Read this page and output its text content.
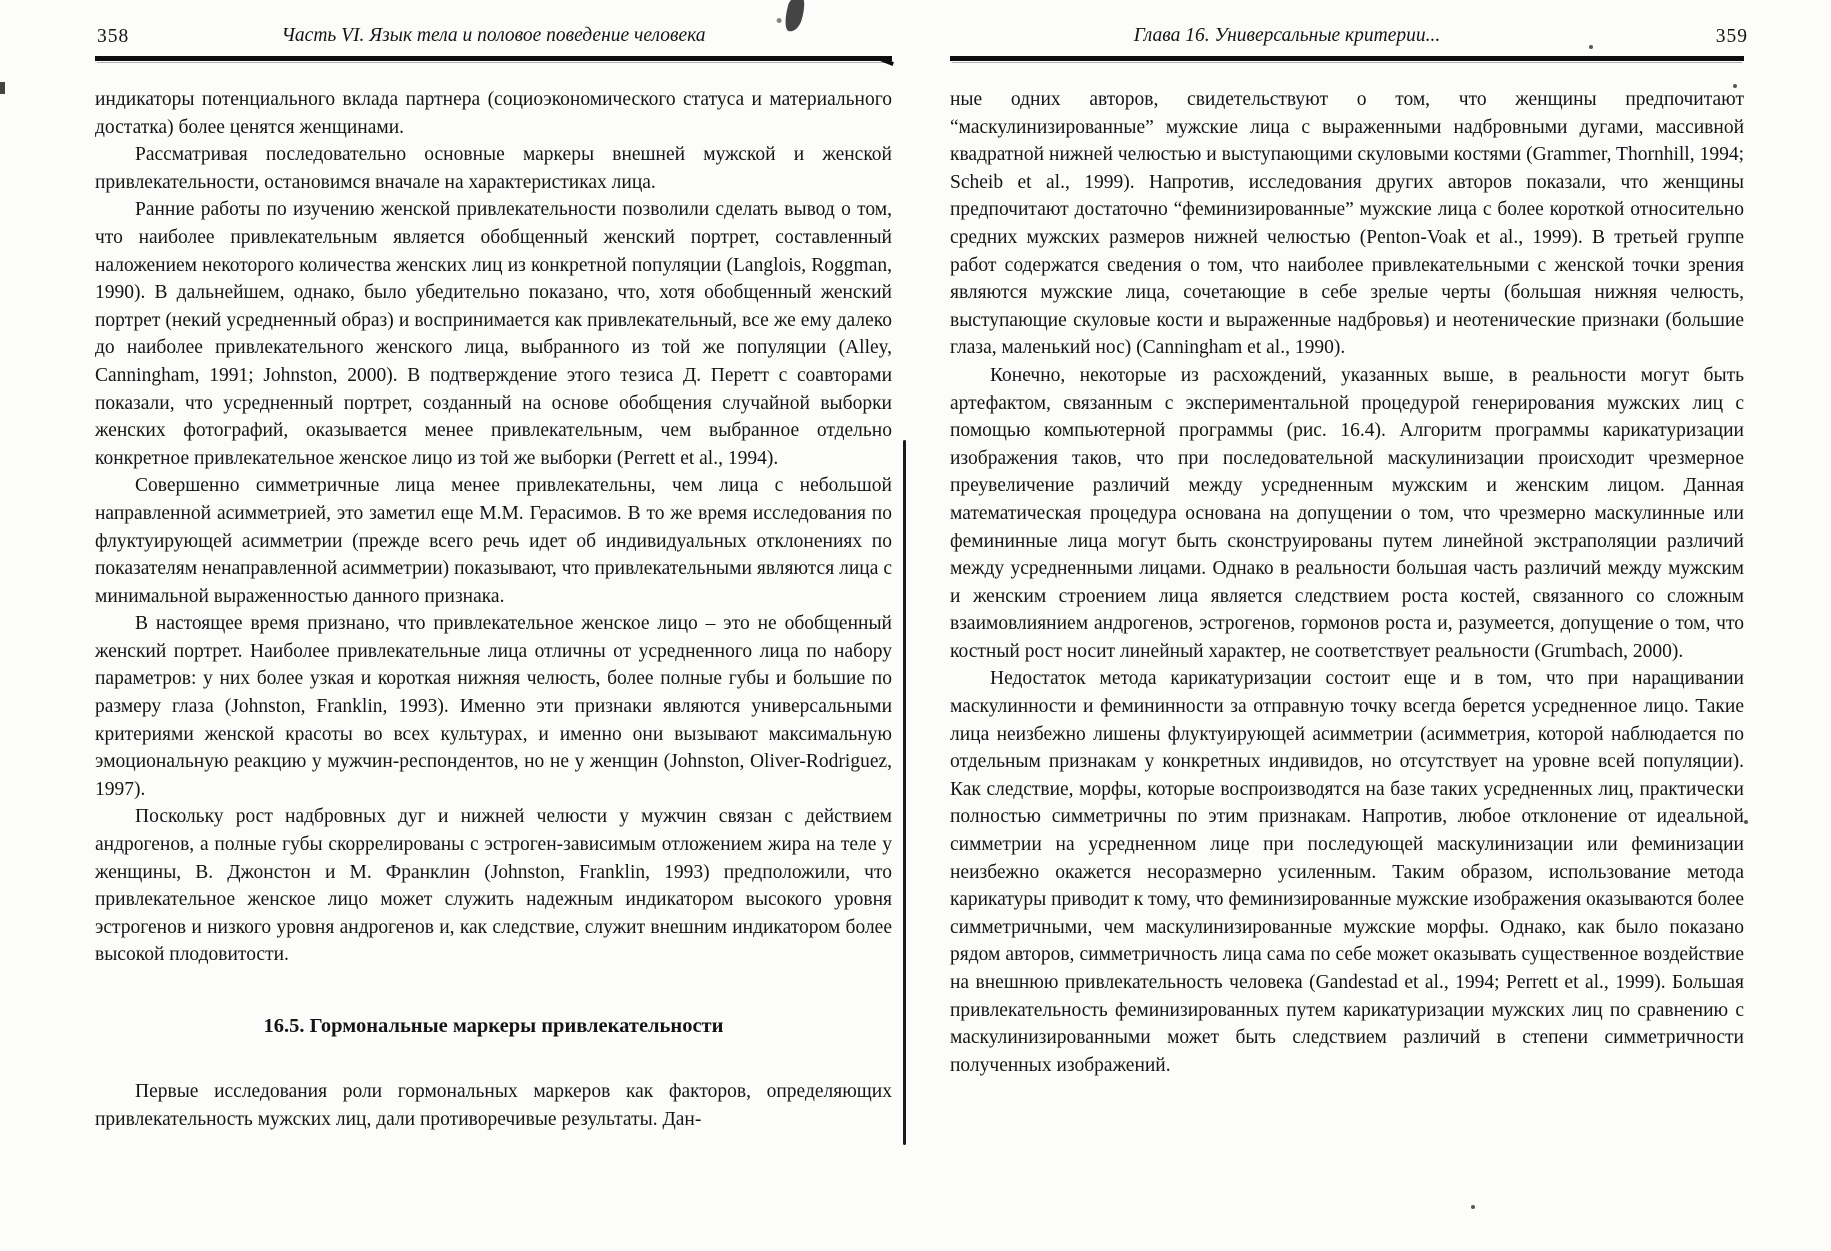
358	Часть VI. Язык тела и половое поведение человека

индикаторы потенциального вклада партнера (социоэкономического статуса и материального достатка) более ценятся женщинами.

Рассматривая последовательно основные маркеры внешней мужской и женской привлекательности, остановимся вначале на характеристиках лица.

Ранние работы по изучению женской привлекательности позволили сделать вывод о том, что наиболее привлекательным является обобщенный женский портрет, составленный наложением некоторого количества женских лиц из конкретной популяции (Langlois, Roggman, 1990). В дальнейшем, однако, было убедительно показано, что, хотя обобщенный женский портрет (некий усредненный образ) и воспринимается как привлекательный, все же ему далеко до наиболее привлекательного женского лица, выбранного из той же популяции (Alley, Canningham, 1991; Johnston, 2000). В подтверждение этого тезиса Д. Перетт с соавторами показали, что усредненный портрет, созданный на основе обобщения случайной выборки женских фотографий, оказывается менее привлекательным, чем выбранное отдельно конкретное привлекательное женское лицо из той же выборки (Perrett et al., 1994).

Совершенно симметричные лица менее привлекательны, чем лица с небольшой направленной асимметрией, это заметил еще М.М. Герасимов. В то же время исследования по флуктуирующей асимметрии (прежде всего речь идет об индивидуальных отклонениях по показателям ненаправленной асимметрии) показывают, что привлекательными являются лица с минимальной выраженностью данного признака.

В настоящее время признано, что привлекательное женское лицо – это не обобщенный женский портрет. Наиболее привлекательные лица отличны от усредненного лица по набору параметров: у них более узкая и короткая нижняя челюсть, более полные губы и большие по размеру глаза (Johnston, Franklin, 1993). Именно эти признаки являются универсальными критериями женской красоты во всех культурах, и именно они вызывают максимальную эмоциональную реакцию у мужчин-респондентов, но не у женщин (Johnston, Oliver-Rodriguez, 1997).

Поскольку рост надбровных дуг и нижней челюсти у мужчин связан с действием андрогенов, а полные губы скоррелированы с эстроген-зависимым отложением жира на теле у женщины, В. Джонстон и М. Франклин (Johnston, Franklin, 1993) предположили, что привлекательное женское лицо может служить надежным индикатором высокого уровня эстрогенов и низкого уровня андрогенов и, как следствие, служит внешним индикатором более высокой плодовитости.

16.5. Гормональные маркеры привлекательности

Первые исследования роли гормональных маркеров как факторов, определяющих привлекательность мужских лиц, дали противоречивые результаты. Дан-

Глава 16. Универсальные критерии...	359

ные одних авторов, свидетельствуют о том, что женщины предпочитают “маскулинизированные” мужские лица с выраженными надбровными дугами, массивной квадратной нижней челюстью и выступающими скуловыми костями (Grammer, Thornhill, 1994; Scheib et al., 1999). Напротив, исследования других авторов показали, что женщины предпочитают достаточно “феминизированные” мужские лица с более короткой относительно средних мужских размеров нижней челюстью (Penton-Voak et al., 1999). В третьей группе работ содержатся сведения о том, что наиболее привлекательными с женской точки зрения являются мужские лица, сочетающие в себе зрелые черты (большая нижняя челюсть, выступающие скуловые кости и выраженные надбровья) и неотенические признаки (большие глаза, маленький нос) (Canningham et al., 1990).

Конечно, некоторые из расхождений, указанных выше, в реальности могут быть артефактом, связанным с экспериментальной процедурой генерирования мужских лиц с помощью компьютерной программы (рис. 16.4). Алгоритм программы карикатуризации изображения таков, что при последовательной маскулинизации происходит чрезмерное преувеличение различий между усредненным мужским и женским лицом. Данная математическая процедура основана на допущении о том, что чрезмерно маскулинные или фемининные лица могут быть сконструированы путем линейной экстраполяции различий между усредненными лицами. Однако в реальности большая часть различий между мужским и женским строением лица является следствием роста костей, связанного со сложным взаимовлиянием андрогенов, эстрогенов, гормонов роста и, разумеется, допущение о том, что костный рост носит линейный характер, не соответствует реальности (Grumbach, 2000).

Недостаток метода карикатуризации состоит еще и в том, что при наращивании маскулинности и фемининности за отправную точку всегда берется усредненное лицо. Такие лица неизбежно лишены флуктуирующей асимметрии (асимметрия, которой наблюдается по отдельным признакам у конкретных индивидов, но отсутствует на уровне всей популяции). Как следствие, морфы, которые воспроизводятся на базе таких усредненных лиц, практически полностью симметричны по этим признакам. Напротив, любое отклонение от идеальной симметрии на усредненном лице при последующей маскулинизации или феминизации неизбежно окажется несоразмерно усиленным. Таким образом, использование метода карикатуры приводит к тому, что феминизированные мужские изображения оказываются более симметричными, чем маскулинизированные мужские морфы. Однако, как было показано рядом авторов, симметричность лица сама по себе может оказывать существенное воздействие на внешнюю привлекательность человека (Gandestad et al., 1994; Perrett et al., 1999). Большая привлекательность феминизированных путем карикатуризации мужских лиц по сравнению с маскулинизированными может быть следствием различий в степени симметричности полученных изображений.
